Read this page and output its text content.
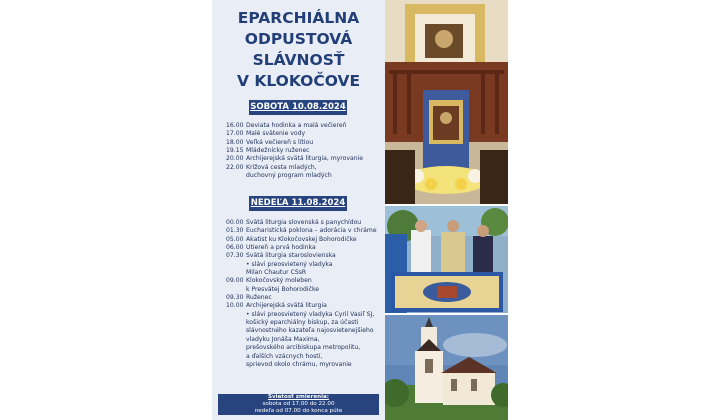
EPARCHIÁLNA
ODPUSTOVÁ
SLÁVNOSŤ
V KLOKOČOVE
SOBOTA 10.08.2024
16.00 Deviata hodinka a malá večiereň
17.00 Malé svätenie vody
18.00 Veľká večiereň s lítiou
19.15 Mládežnícky ruženec
20.00 Archijerejská svätá liturgia, myrovanie
22.00 Krížová cesta mladých,
duchovný program mladých
NEDEĽA 11.08.2024
00.00 Svätá liturgia slovenská s panychídou
01.30 Eucharistická poklona – adorácia v chráme
05.00 Akatist ku Klokočovskej Bohorodičke
06.00 Utiereň a prvá hodinka
07.30 Svätá liturgia staroslovienska
• slávi preosvietený vladyka
Milan Chautur CSsR
09.00 Klokočovský moleben
k Presvätej Bohorodičke
09.30 Ruženec
10.00 Archijerejská svätá liturgia
• slávi preosvietený vladyka Cyril Vasiľ SJ,
košický eparchiálny biskup, za účasti
slávnostného kazateľa najosvietenejšieho
vladyku Jonáša Maxima,
prešovského arcibiskupa metropolitu,
a ďalších vzácnych hostí,
sprievod okolo chrámu, myrovanie
Sviatosť zmierenia:
sobota od 17.00 do 22.00
nedeľa od 07.00 do konca púte
